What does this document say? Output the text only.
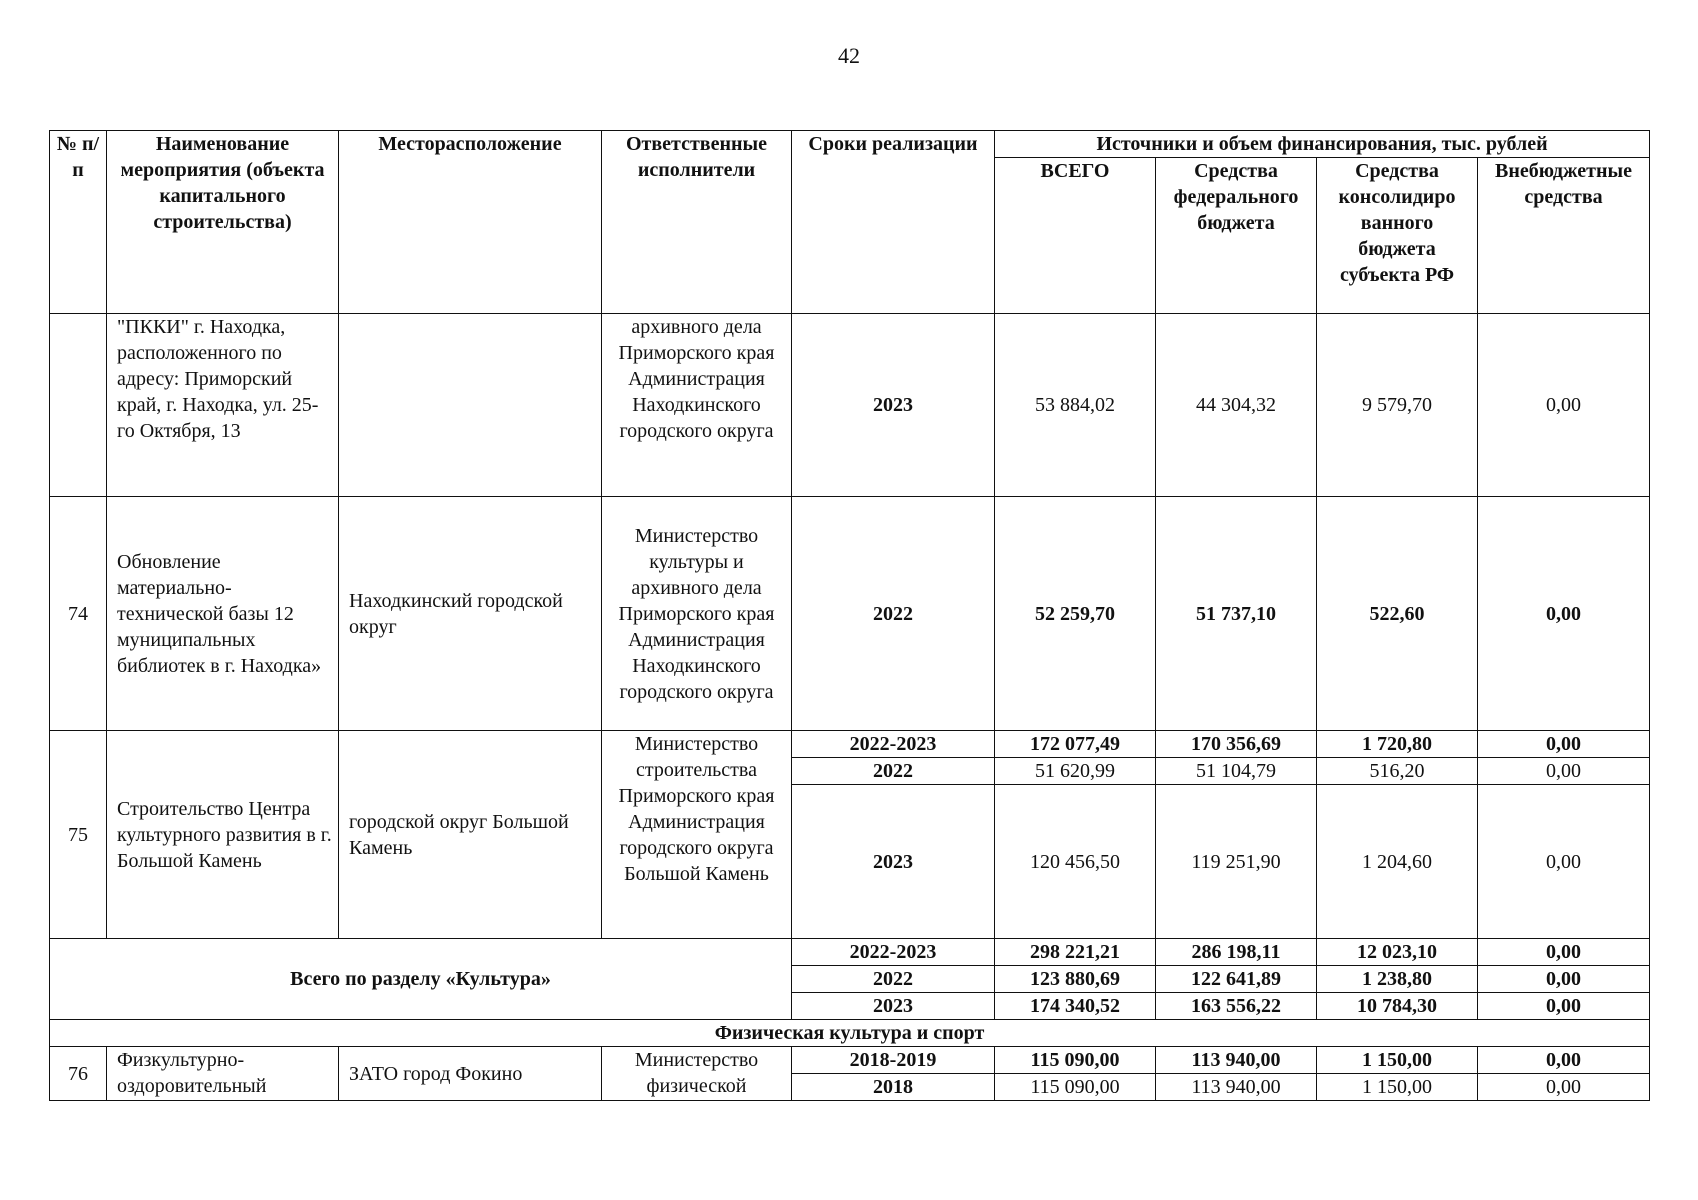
42
№ п/п	Наименование мероприятия (объекта капитального строительства)	Месторасположение	Ответственные исполнители	Сроки реализации	Источники и объем финансирования, тыс. рублей			
					ВСЕГО	Средства федерального бюджета	Средства консолидиро ванного бюджета субъекта РФ	Внебюджетные средства
	"ПККИ" г. Находка, расположенного по адресу: Приморский край, г. Находка, ул. 25-го Октября, 13		архивного дела Приморского края Администрация Находкинского городского округа	2023	53 884,02	44 304,32	9 579,70	0,00
74	Обновление материально-технической базы 12 муниципальных библиотек в г. Находка»	Находкинский городской округ	Министерство культуры и архивного дела Приморского края Администрация Находкинского городского округа	2022	52 259,70	51 737,10	522,60	0,00
75	Строительство Центра культурного развития в г. Большой Камень	городской округ Большой Камень	Министерство строительства Приморского края Администрация городского округа Большой Камень	2022-2023	172 077,49	170 356,69	1 720,80	0,00
				2022	51 620,99	51 104,79	516,20	0,00
				2023	120 456,50	119 251,90	1 204,60	0,00
Всего по разделу «Культура»				2022-2023	298 221,21	286 198,11	12 023,10	0,00
				2022	123 880,69	122 641,89	1 238,80	0,00
				2023	174 340,52	163 556,22	10 784,30	0,00
Физическая культура и спорт								
76	Физкультурно-оздоровительный	ЗАТО город Фокино	Министерство физической	2018-2019	115 090,00	113 940,00	1 150,00	0,00
				2018	115 090,00	113 940,00	1 150,00	0,00
